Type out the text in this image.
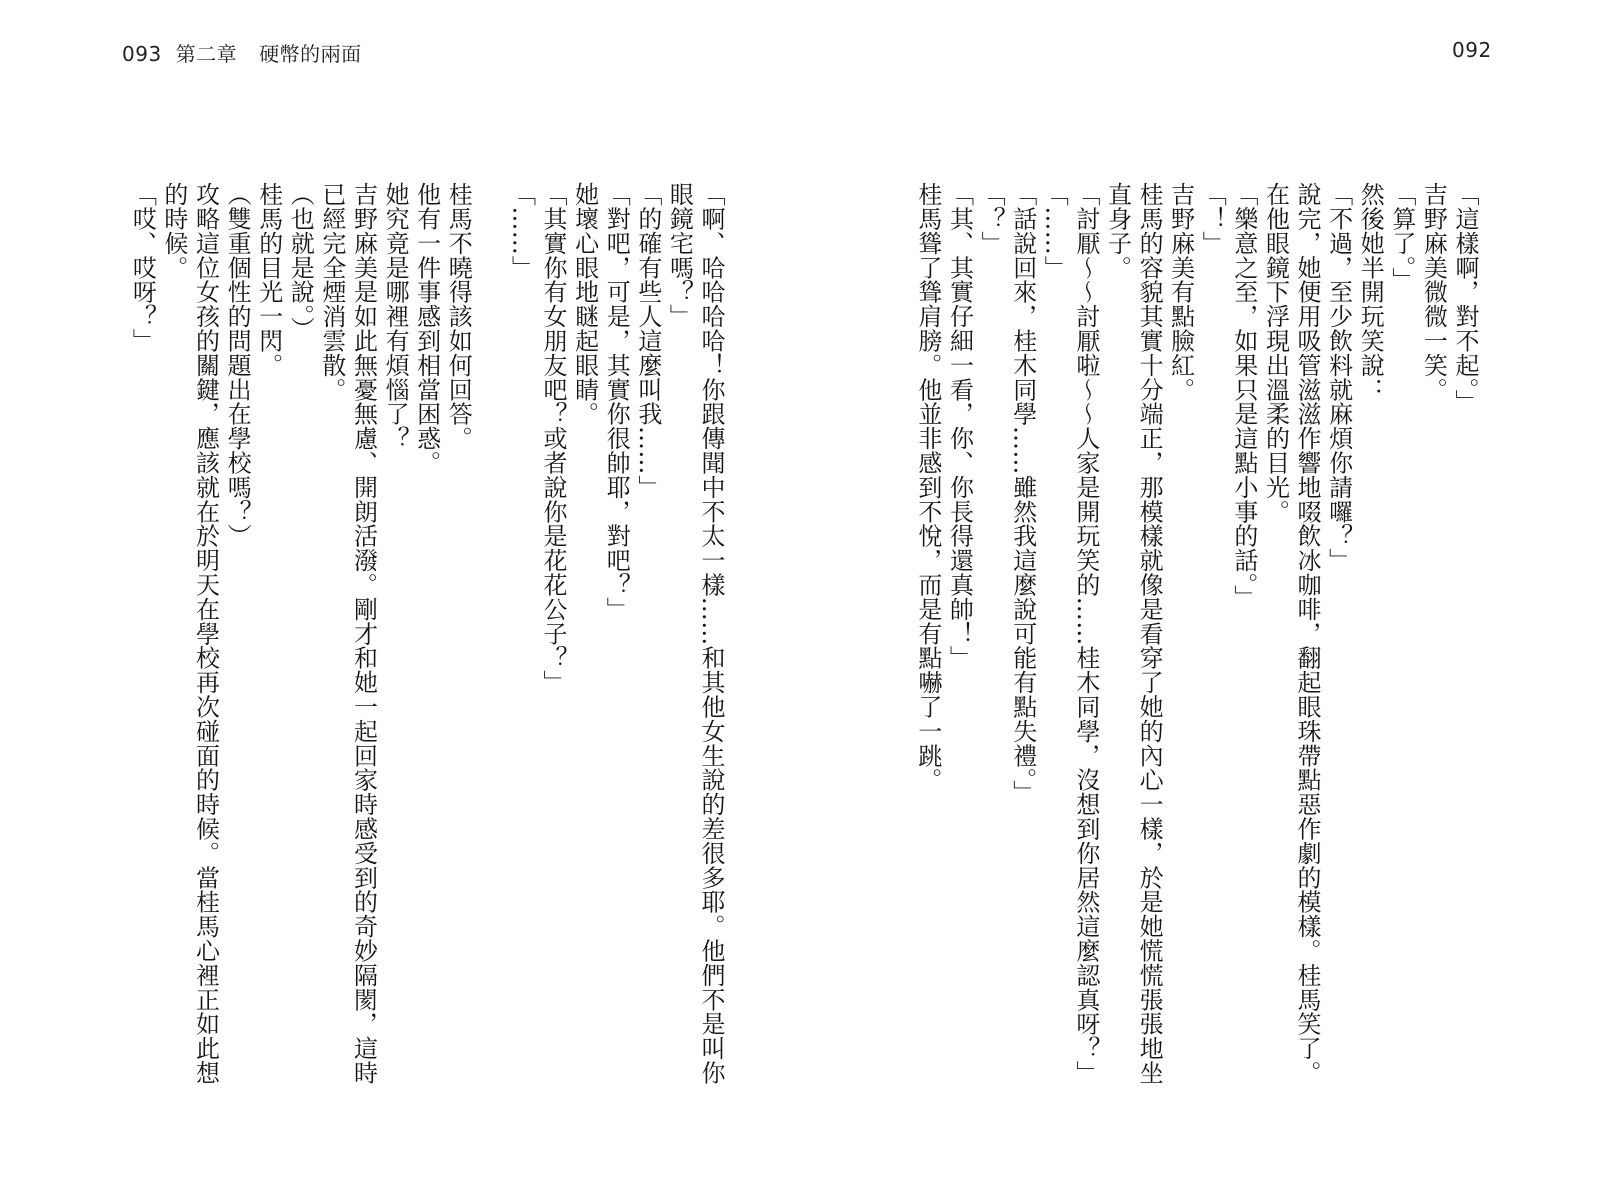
093 第二章 硬幣的兩面	092
「這樣啊，對不起。」
吉野麻美微微一笑。
「算了。」
然後她半開玩笑說：
「不過，至少飲料就麻煩你請囉？」
說完，她便用吸管滋滋作響地啜飲冰咖啡，翻起眼珠帶點惡作劇的模樣。桂馬笑了。
在他眼鏡下浮現出溫柔的目光。
「樂意之至，如果只是這點小事的話。」
「！」
吉野麻美有點臉紅。
桂馬的容貌其實十分端正，那模樣就像是看穿了她的內心一樣，於是她慌慌張張地坐
直身子。
「討厭～～討厭啦～～人家是開玩笑的……桂木同學，沒想到你居然這麼認真呀？」
「……」
「話說回來，桂木同學……雖然我這麼說可能有點失禮。」
「？」
「其、其實仔細一看，你、你長得還真帥！」
桂馬聳了聳肩膀。他並非感到不悅，而是有點嚇了一跳。
「啊、哈哈哈哈！你跟傳聞中不太一樣……和其他女生說的差很多耶。他們不是叫你
眼鏡宅嗎？」
「的確有些人這麼叫我……」
「對吧，可是，其實你很帥耶，對吧？」
她壞心眼地瞇起眼睛。
「其實你有女朋友吧？或者說你是花花公子？」
「……」

桂馬不曉得該如何回答。
他有一件事感到相當困惑。
她究竟是哪裡有煩惱了？
吉野麻美是如此無憂無慮、開朗活潑。剛才和她一起回家時感受到的奇妙隔閡，這時
已經完全煙消雲散。
（也就是說。）
桂馬的目光一閃。
（雙重個性的問題出在學校嗎？）
攻略這位女孩的關鍵，應該就在於明天在學校再次碰面的時候。當桂馬心裡正如此想
的時候。
「哎、哎呀？」
